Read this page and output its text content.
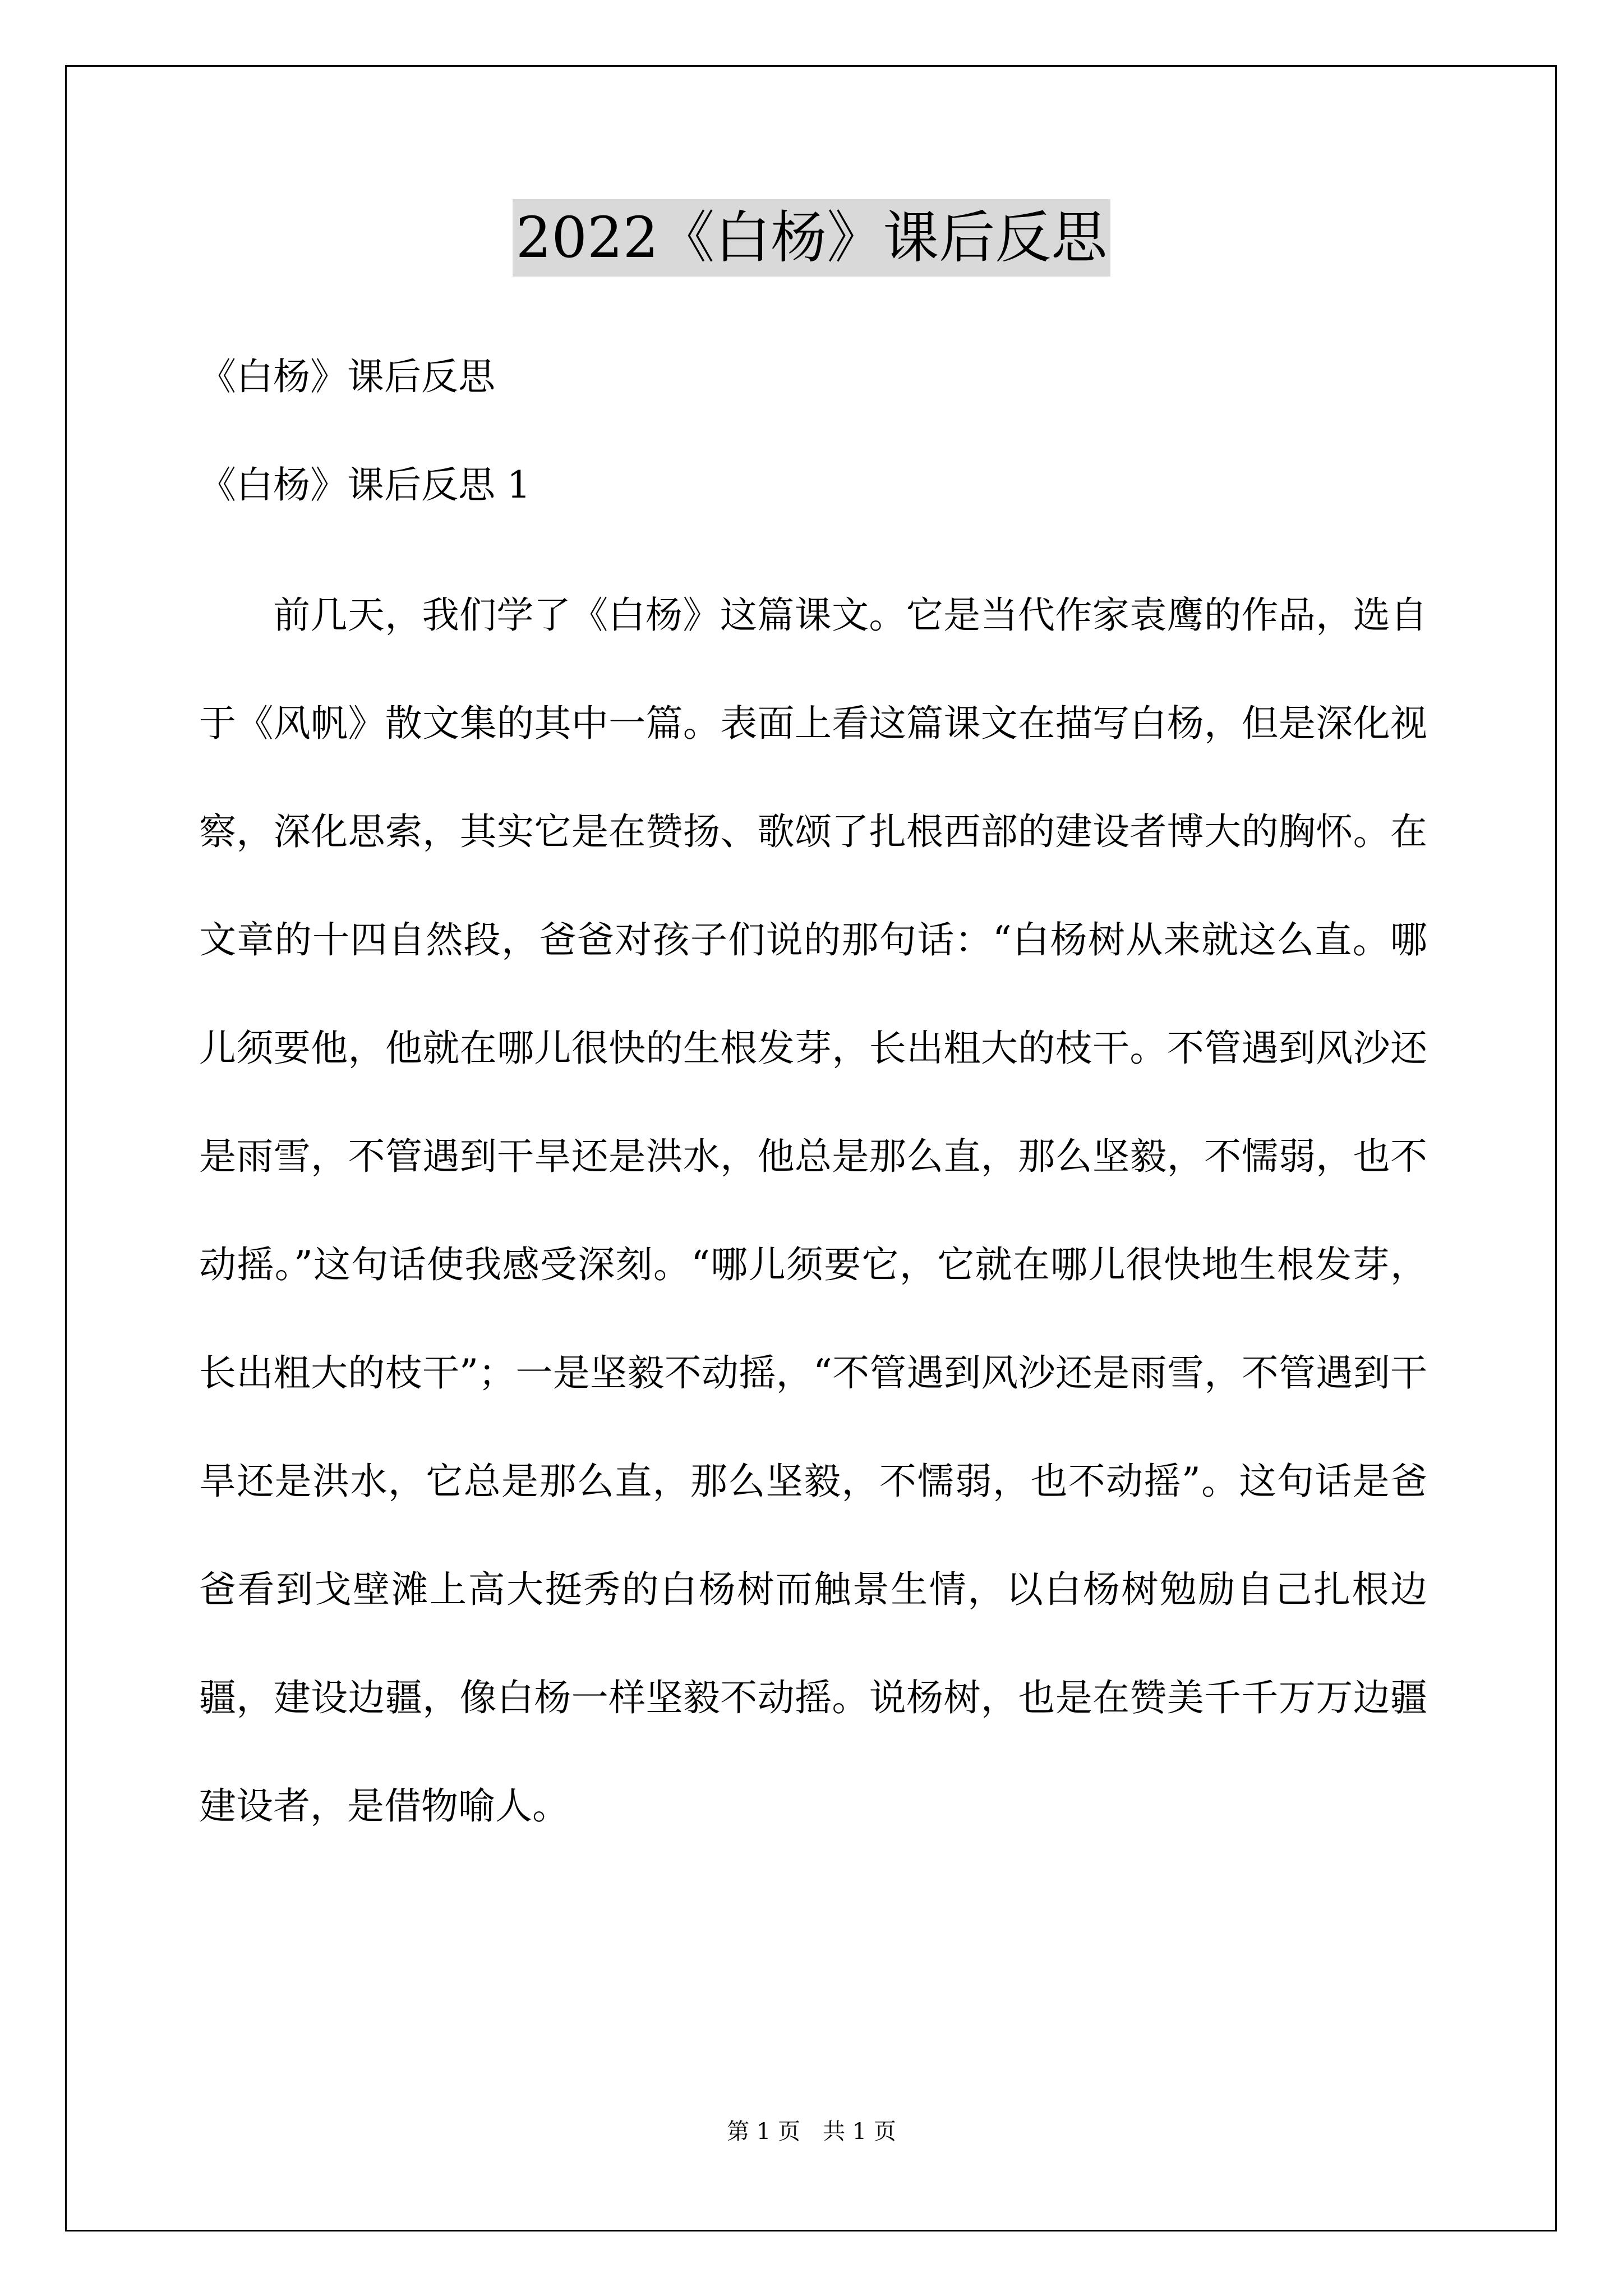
2022《白杨》课后反思
《白杨》课后反思
《白杨》课后反思 1

前几天，我们学了《白杨》这篇课文。它是当代作家袁鹰的作品，选自于《风帆》散文集的其中一篇。表面上看这篇课文在描写白杨，但是深化视察，深化思索，其实它是在赞扬、歌颂了扎根西部的建设者博大的胸怀。在文章的十四自然段，爸爸对孩子们说的那句话：“白杨树从来就这么直。哪儿须要他，他就在哪儿很快的生根发芽，长出粗大的枝干。不管遇到风沙还是雨雪，不管遇到干旱还是洪水，他总是那么直，那么坚毅，不懦弱，也不动摇。”这句话使我感受深刻。“哪儿须要它，它就在哪儿很快地生根发芽，长出粗大的枝干”；一是坚毅不动摇，“不管遇到风沙还是雨雪，不管遇到干旱还是洪水，它总是那么直，那么坚毅，不懦弱，也不动摇”。这句话是爸爸看到戈壁滩上高大挺秀的白杨树而触景生情，以白杨树勉励自己扎根边疆，建设边疆，像白杨一样坚毅不动摇。说杨树，也是在赞美千千万万边疆建设者，是借物喻人。

第 1 页　共 1 页
